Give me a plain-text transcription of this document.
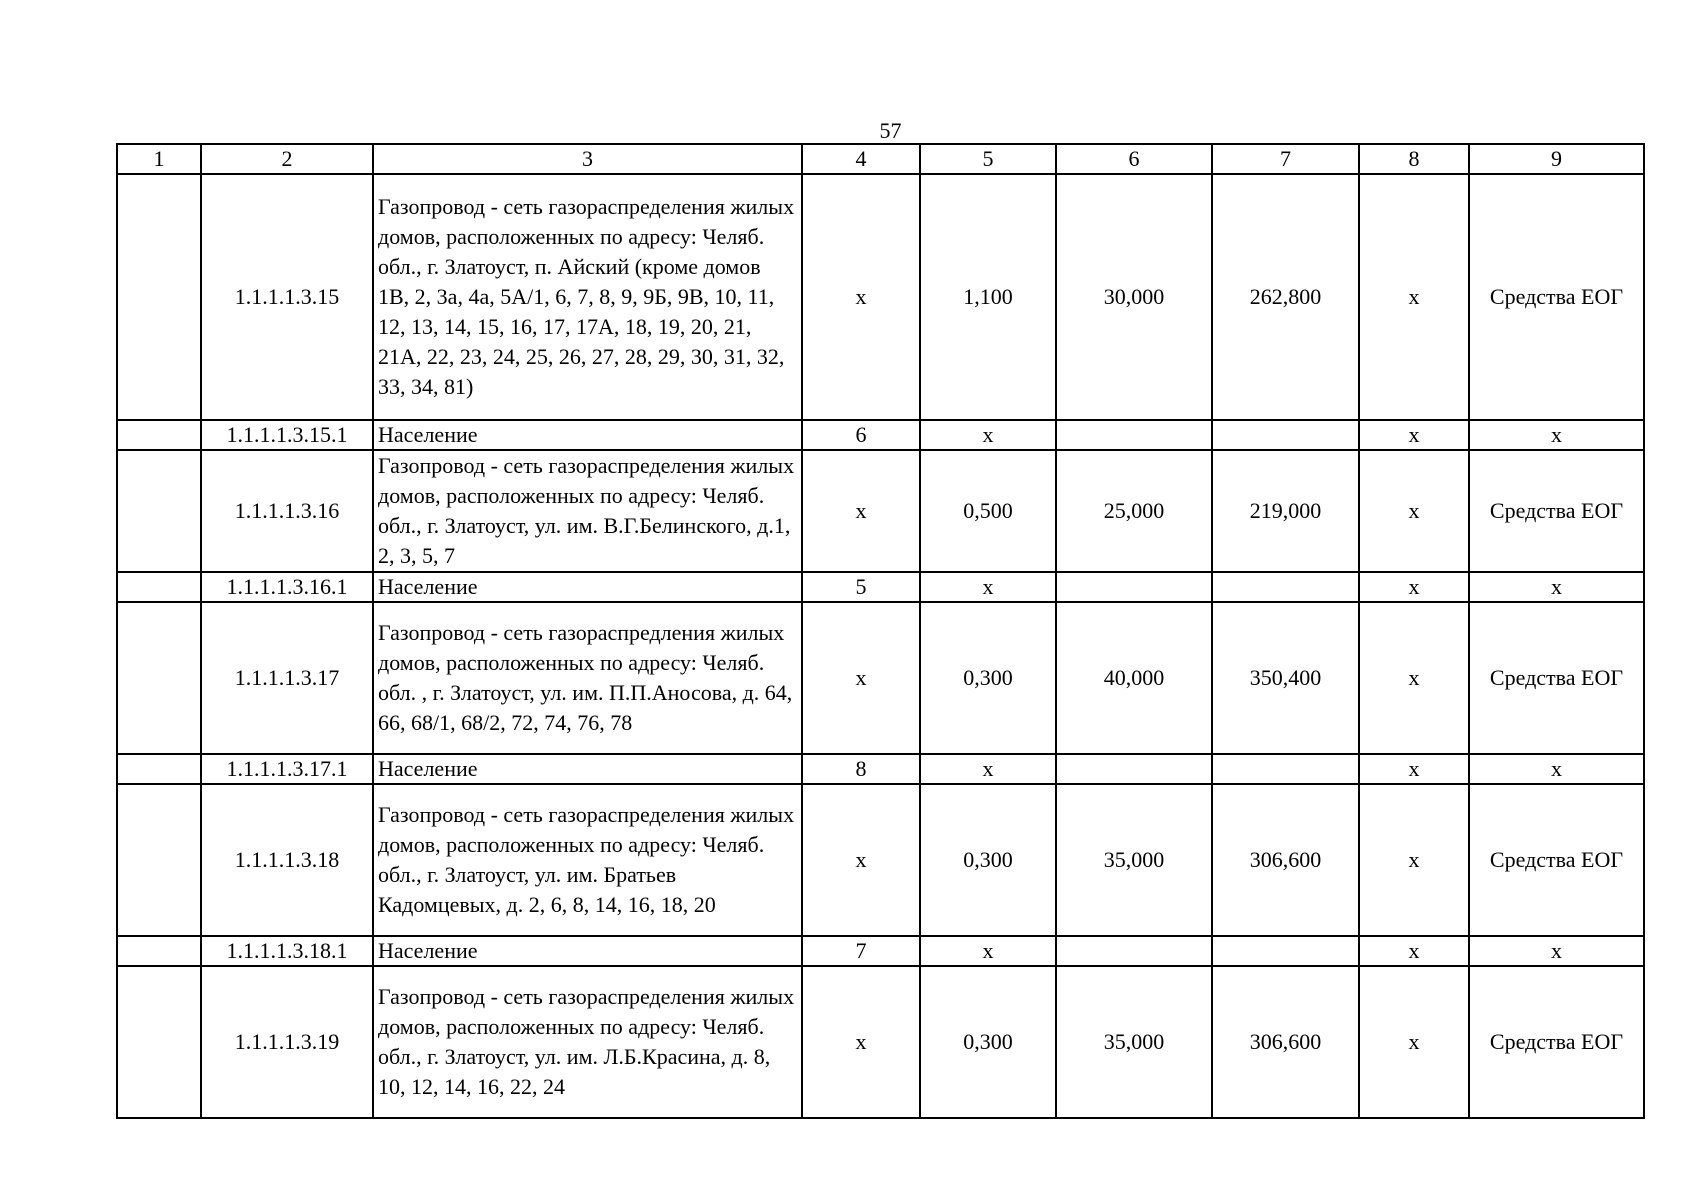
57
1	2	3	4	5	6	7	8	9
	1.1.1.1.3.15	Газопровод - сеть газораспределения жилых домов, расположенных по адресу: Челяб. обл., г. Златоуст, п. Айский (кроме домов 1В, 2, 3а, 4а, 5А/1, 6, 7, 8, 9, 9Б, 9В, 10, 11, 12, 13, 14, 15, 16, 17, 17А, 18, 19, 20, 21, 21А, 22, 23, 24, 25, 26, 27, 28, 29, 30, 31, 32, 33, 34, 81)	х	1,100	30,000	262,800	х	Средства ЕОГ
	1.1.1.1.3.15.1	Население	6	х			х	х
	1.1.1.1.3.16	Газопровод - сеть газораспределения жилых домов, расположенных по адресу: Челяб. обл., г. Златоуст, ул. им. В.Г.Белинского, д.1, 2, 3, 5, 7	х	0,500	25,000	219,000	х	Средства ЕОГ
	1.1.1.1.3.16.1	Население	5	х			х	х
	1.1.1.1.3.17	Газопровод - сеть газораспредления жилых домов, расположенных по адресу: Челяб. обл. , г. Златоуст, ул. им. П.П.Аносова, д. 64, 66, 68/1, 68/2, 72, 74, 76, 78	х	0,300	40,000	350,400	х	Средства ЕОГ
	1.1.1.1.3.17.1	Население	8	х			х	х
	1.1.1.1.3.18	Газопровод - сеть газораспределения жилых домов, расположенных по адресу: Челяб. обл., г. Златоуст, ул. им. Братьев Кадомцевых, д. 2, 6, 8, 14, 16, 18, 20	х	0,300	35,000	306,600	х	Средства ЕОГ
	1.1.1.1.3.18.1	Население	7	х			х	х
	1.1.1.1.3.19	Газопровод - сеть газораспределения жилых домов, расположенных по адресу: Челяб. обл., г. Златоуст, ул. им. Л.Б.Красина, д. 8, 10, 12, 14, 16, 22, 24	х	0,300	35,000	306,600	х	Средства ЕОГ
